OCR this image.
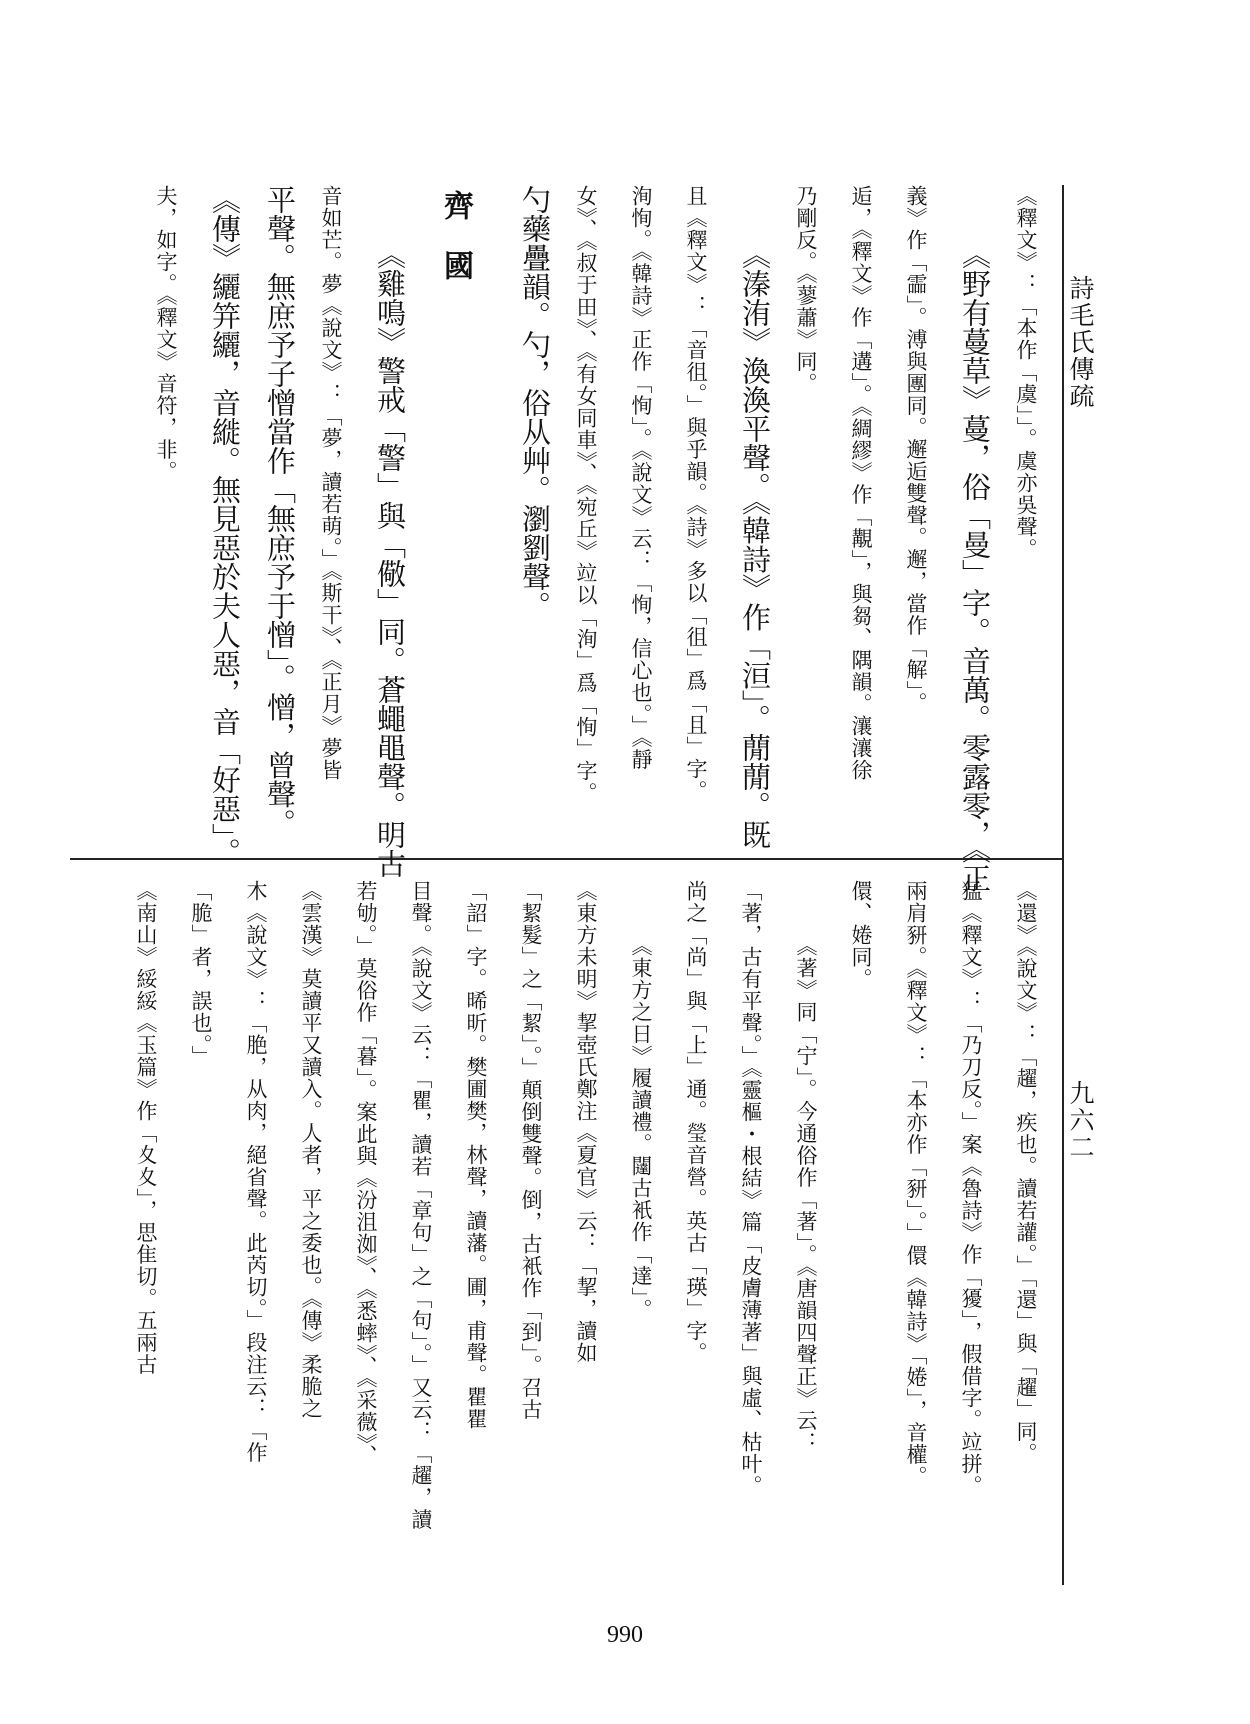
詩毛氏傳疏
九六二
《釋文》：「本作「虞」」。虞亦吳聲。
《野有蔓草》蔓，俗「曼」字。音萬。零露零，《正
義》作「霝」。溥與團同。邂逅雙聲。邂，當作「解」。
逅，《釋文》作「遘」。《綢繆》作「覯」，與芻、隅韻。瀼瀼徐
乃剛反。《蓼蕭》同。
《溱洧》渙渙平聲。《韓詩》作「洹」。蕑蕑。既
且《釋文》：「音徂。」與乎韻。《詩》多以「徂」爲「且」字。
洵恂。《韓詩》正作「恂」。《說文》云：「恂，信心也。」《靜
女》、《叔于田》、《有女同車》、《宛丘》竝以「洵」爲「恂」字。
勺藥疊韻。勺，俗从艸。瀏劉聲。
齊國
《雞鳴》警戒「警」與「儆」同。蒼蠅黽聲。明古
音如芒。夢《說文》：「夢，讀若萌。」《斯干》、《正月》夢皆
平聲。無庶予子憎當作「無庶予于憎」。憎，曾聲。
《傳》纚笄纚，音縰。無見惡於夫人惡，音「好惡」。
夫，如字。《釋文》音符，非。
《還》《說文》：「趯，疾也。讀若讙。」「還」與「趯」同。
猛《釋文》：「乃刀反。」案《魯詩》作「獶」，假借字。竝拼。
兩肩豜。《釋文》：「本亦作「豜」。」儇《韓詩》「婘」，音權。
儇、婘同。
《著》同「宁」。今通俗作「著」。《唐韻四聲正》云：
「著，古有平聲。」《靈樞・根結》篇「皮膚薄著」與虛、枯叶。
尚之「尚」與「上」通。瑩音營。英古「瑛」字。
《東方之日》履讀禮。闥古衹作「達」。
《東方未明》挈壺氏鄭注《夏官》云：「挈，讀如
「絜髮」之「絜」。」顛倒雙聲。倒，古衹作「到」。召古
「詔」字。晞昕。樊圃樊，林聲，讀藩。圃，甫聲。瞿瞿
目聲。《說文》云：「瞿，讀若「章句」之「句」。」又云：「趯，讀
若劬。」莫俗作「暮」。案此與《汾沮洳》、《悉蟀》、《采薇》、
《雲漢》莫讀平又讀入。人者，平之委也。《傳》柔脆之
木《說文》：「脃，从肉，絕省聲。此芮切。」段注云：「作
「脆」者，誤也。」
《南山》綏綏《玉篇》作「夊夊」，思隹切。五兩古
990
